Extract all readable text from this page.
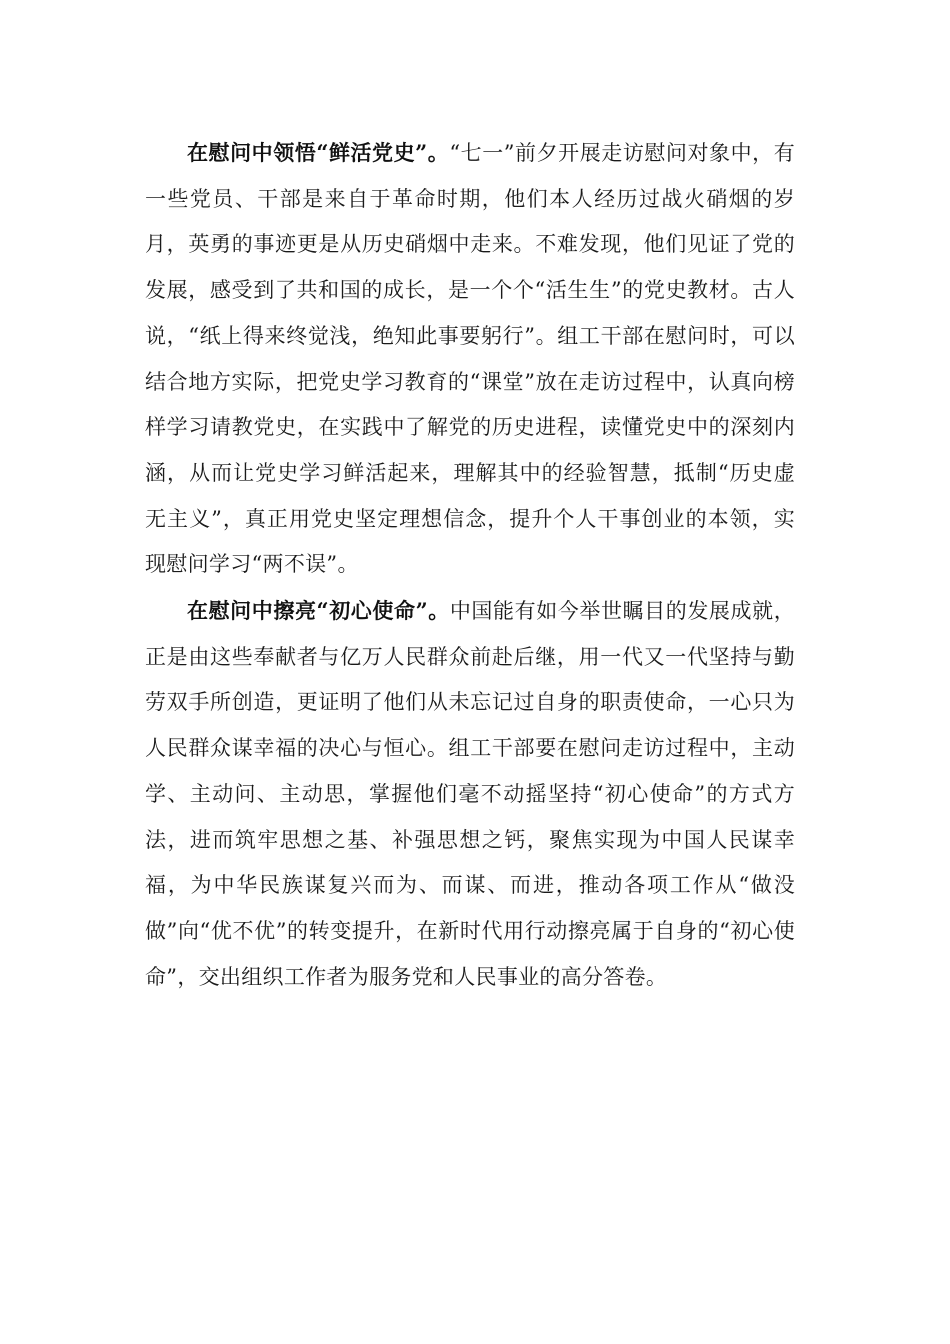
在慰问中领悟“鲜活党史”。“七一”前夕开展走访慰问对象中，有一些党员、干部是来自于革命时期，他们本人经历过战火硝烟的岁月，英勇的事迹更是从历史硝烟中走来。不难发现，他们见证了党的发展，感受到了共和国的成长，是一个个“活生生”的党史教材。古人说，“纸上得来终觉浅，绝知此事要躬行”。组工干部在慰问时，可以结合地方实际，把党史学习教育的“课堂”放在走访过程中，认真向榜样学习请教党史，在实践中了解党的历史进程，读懂党史中的深刻内涵，从而让党史学习鲜活起来，理解其中的经验智慧，抵制“历史虚无主义”，真正用党史坚定理想信念，提升个人干事创业的本领，实现慰问学习“两不误”。

在慰问中擦亮“初心使命”。中国能有如今举世瞩目的发展成就，正是由这些奉献者与亿万人民群众前赴后继，用一代又一代坚持与勤劳双手所创造，更证明了他们从未忘记过自身的职责使命，一心只为人民群众谋幸福的决心与恒心。组工干部要在慰问走访过程中，主动学、主动问、主动思，掌握他们毫不动摇坚持“初心使命”的方式方法，进而筑牢思想之基、补强思想之钙，聚焦实现为中国人民谋幸福，为中华民族谋复兴而为、而谋、而进，推动各项工作从“做没做”向“优不优”的转变提升，在新时代用行动擦亮属于自身的“初心使命”，交出组织工作者为服务党和人民事业的高分答卷。
